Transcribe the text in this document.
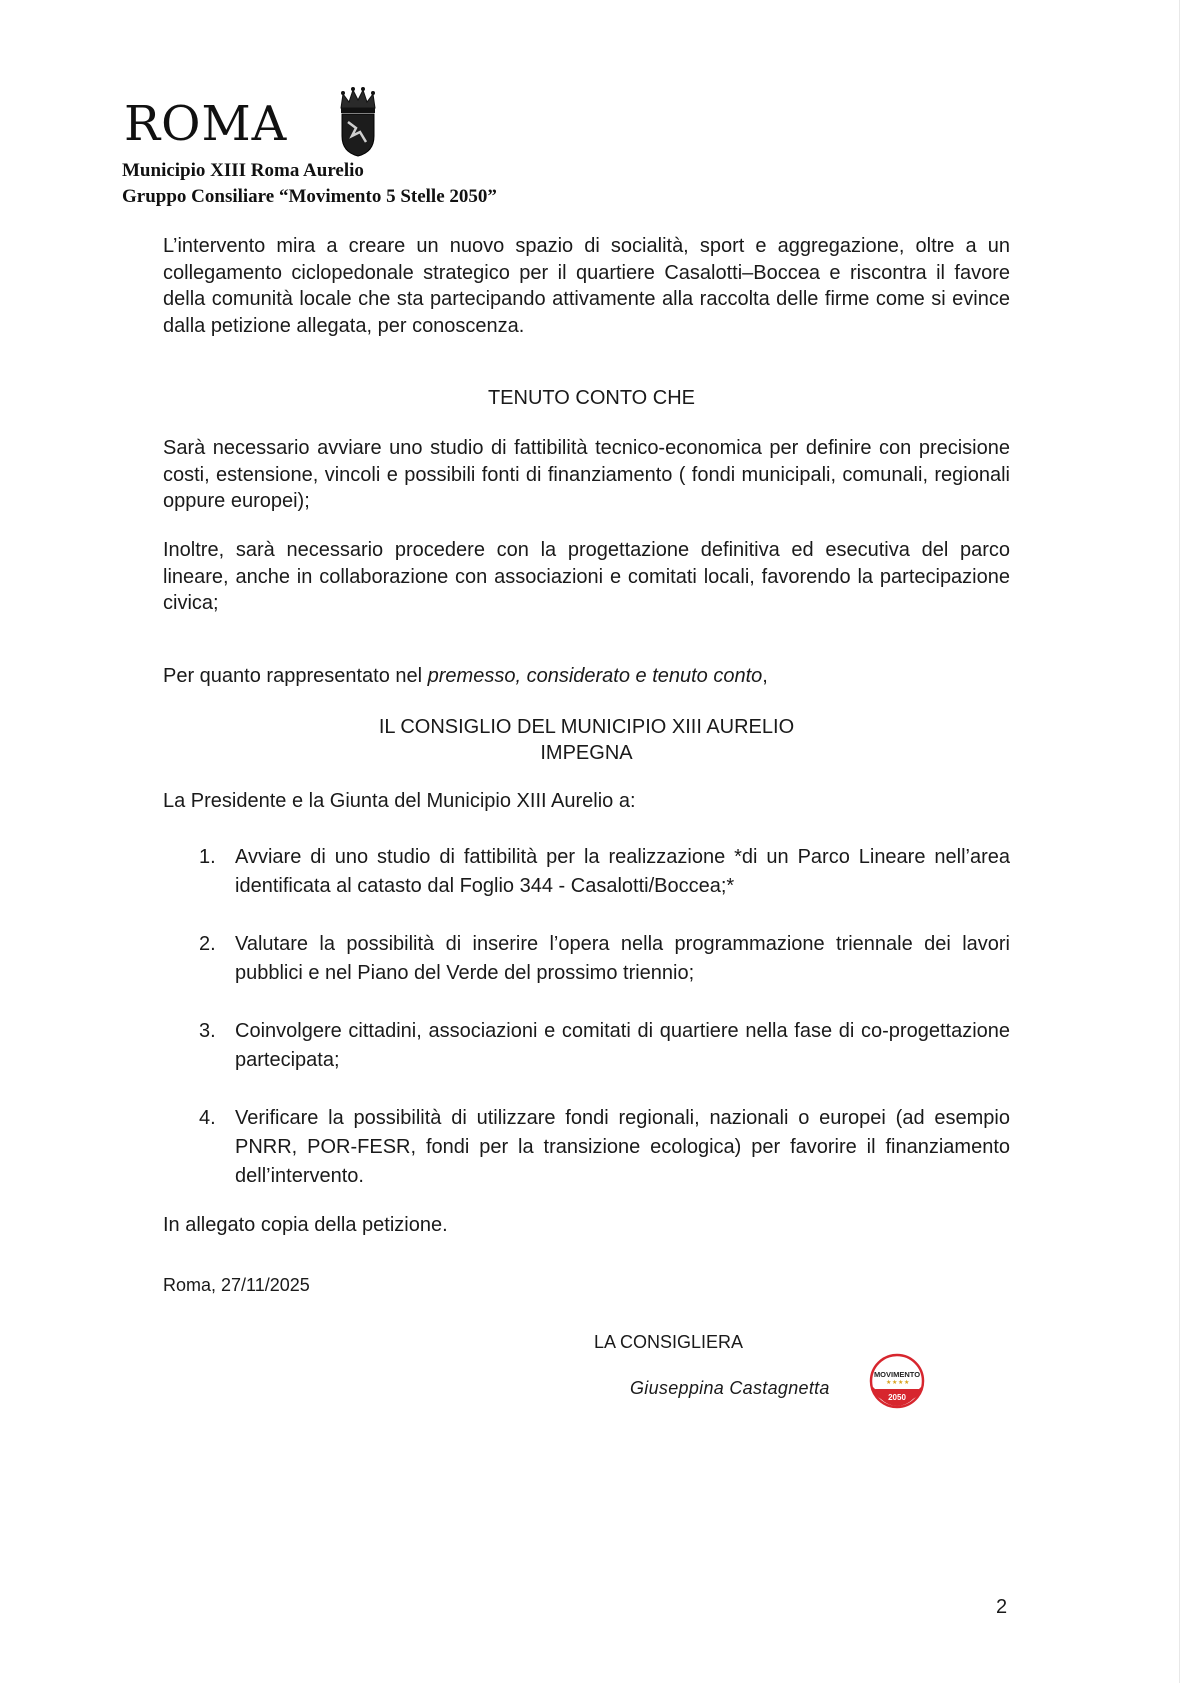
ROMA
Municipio XIII Roma Aurelio
Gruppo Consiliare “Movimento 5 Stelle 2050”
L’intervento mira a creare un nuovo spazio di socialità, sport e aggregazione, oltre a un collegamento ciclopedonale strategico per il quartiere Casalotti–Boccea e riscontra il favore della comunità locale che sta partecipando attivamente alla raccolta delle firme come si evince dalla petizione allegata, per conoscenza.
TENUTO CONTO CHE
Sarà necessario avviare uno studio di fattibilità tecnico-economica per definire con precisione costi, estensione, vincoli e possibili fonti di finanziamento ( fondi municipali, comunali, regionali oppure europei);
Inoltre, sarà necessario procedere con la progettazione definitiva ed esecutiva del parco lineare, anche in collaborazione con associazioni e comitati locali, favorendo la partecipazione civica;
Per quanto rappresentato nel premesso, considerato e tenuto conto,
IL CONSIGLIO DEL MUNICIPIO XIII AURELIO
IMPEGNA
La Presidente e la Giunta del Municipio XIII Aurelio a:
1. Avviare di uno studio di fattibilità per la realizzazione *di un Parco Lineare nell’area identificata al catasto dal Foglio 344 - Casalotti/Boccea;*
2. Valutare la possibilità di inserire l’opera nella programmazione triennale dei lavori pubblici e nel Piano del Verde del prossimo triennio;
3. Coinvolgere cittadini, associazioni e comitati di quartiere nella fase di co-progettazione partecipata;
4. Verificare la possibilità di utilizzare fondi regionali, nazionali o europei (ad esempio PNRR, POR-FESR, fondi per la transizione ecologica) per favorire il finanziamento dell’intervento.
In allegato copia della petizione.
Roma, 27/11/2025
LA CONSIGLIERA
Giuseppina Castagnetta
MOVIMENTO
★ ★ ★ ★
2050
2
